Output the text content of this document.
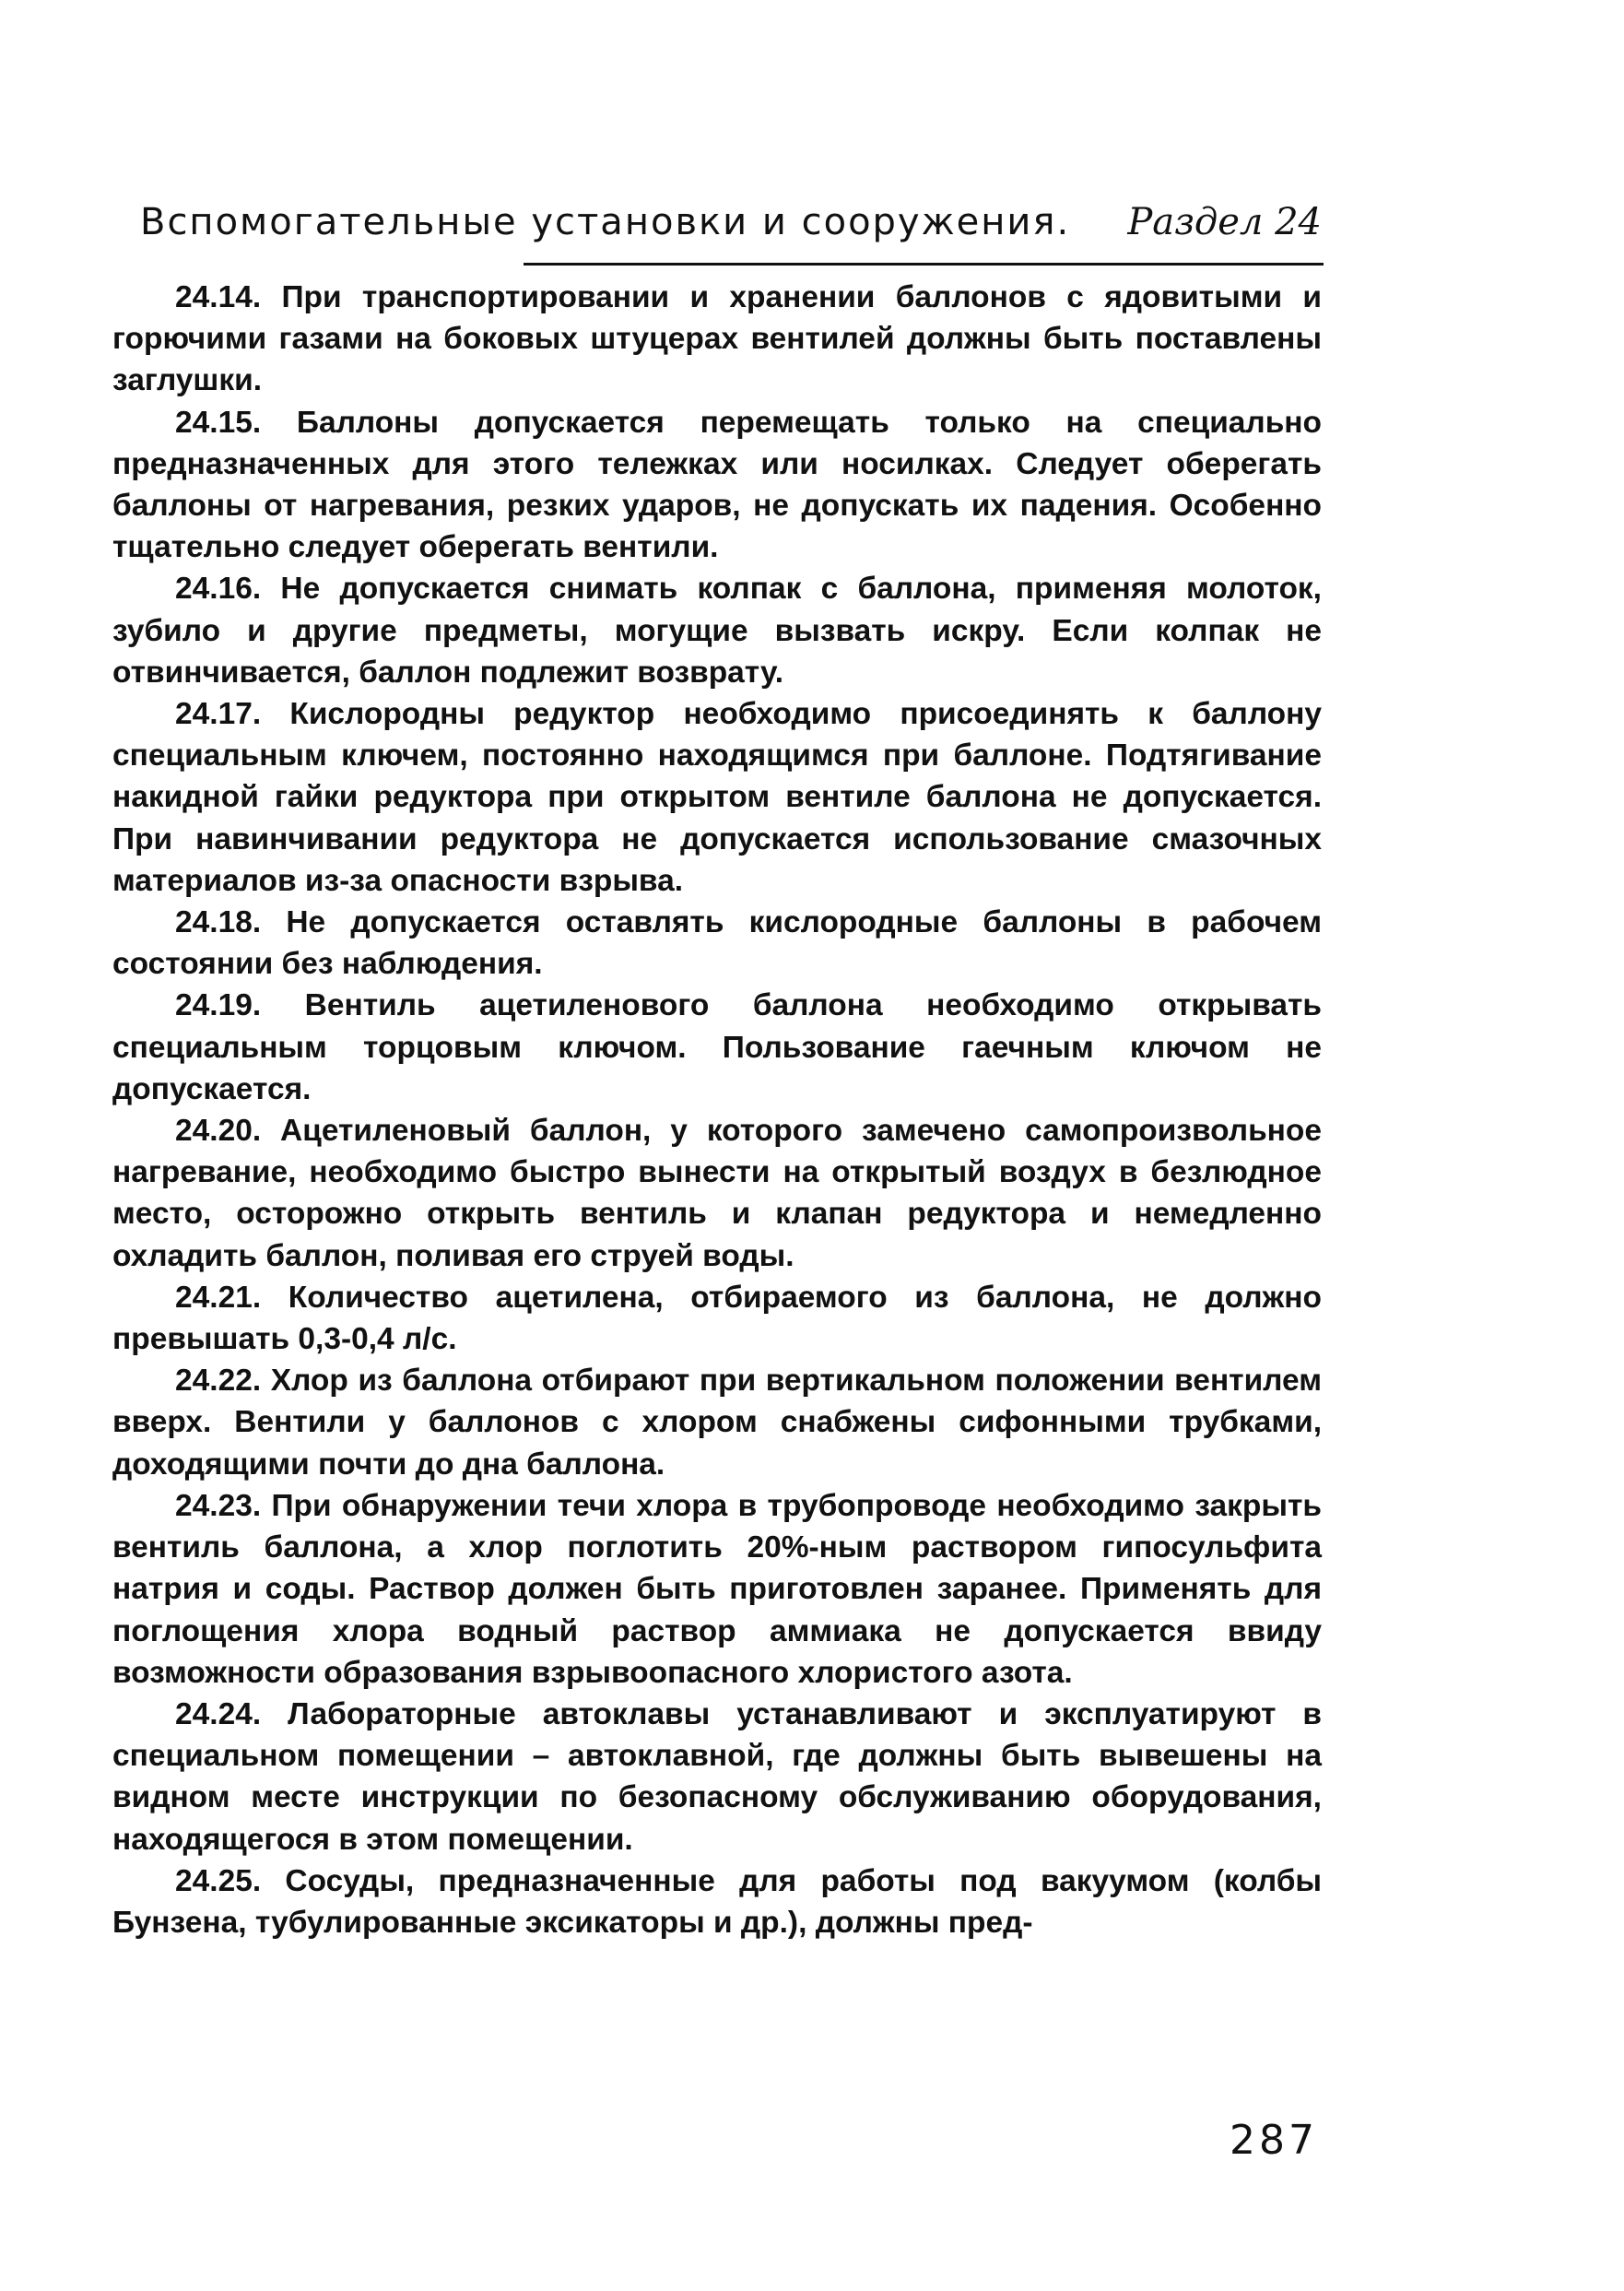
Вспомогательные установки и сооружения. Раздел 24

24.14. При транспортировании и хранении баллонов с ядовитыми и горючими газами на боковых штуцерах вентилей должны быть поставлены заглушки.

24.15. Баллоны допускается перемещать только на специально предназначенных для этого тележках или носилках. Следует оберегать баллоны от нагревания, резких ударов, не допускать их падения. Особенно тщательно следует оберегать вентили.

24.16. Не допускается снимать колпак с баллона, применяя молоток, зубило и другие предметы, могущие вызвать искру. Если колпак не отвинчивается, баллон подлежит возврату.

24.17. Кислородны редуктор необходимо присоединять к баллону специальным ключем, постоянно находящимся при баллоне. Подтягивание накидной гайки редуктора при открытом вентиле баллона не допускается. При навинчивании редуктора не допускается использование смазочных материалов из-за опасности взрыва.

24.18. Не допускается оставлять кислородные баллоны в рабочем состоянии без наблюдения.

24.19. Вентиль ацетиленового баллона необходимо открывать специальным торцовым ключом. Пользование гаечным ключом не допускается.

24.20. Ацетиленовый баллон, у которого замечено самопроизвольное нагревание, необходимо быстро вынести на открытый воздух в безлюдное место, осторожно открыть вентиль и клапан редуктора и немедленно охладить баллон, поливая его струей воды.

24.21. Количество ацетилена, отбираемого из баллона, не должно превышать 0,3-0,4 л/с.

24.22. Хлор из баллона отбирают при вертикальном положении вентилем вверх. Вентили у баллонов с хлором снабжены сифонными трубками, доходящими почти до дна баллона.

24.23. При обнаружении течи хлора в трубопроводе необходимо закрыть вентиль баллона, а хлор поглотить 20%-ным раствором гипосульфита натрия и соды. Раствор должен быть приготовлен заранее. Применять для поглощения хлора водный раствор аммиака не допускается ввиду возможности образования взрывоопасного хлористого азота.

24.24. Лабораторные автоклавы устанавливают и эксплуатируют в специальном помещении – автоклавной, где должны быть вывешены на видном месте инструкции по безопасному обслуживанию оборудования, находящегося в этом помещении.

24.25. Сосуды, предназначенные для работы под вакуумом (колбы Бунзена, тубулированные эксикаторы и др.), должны пред-

287
